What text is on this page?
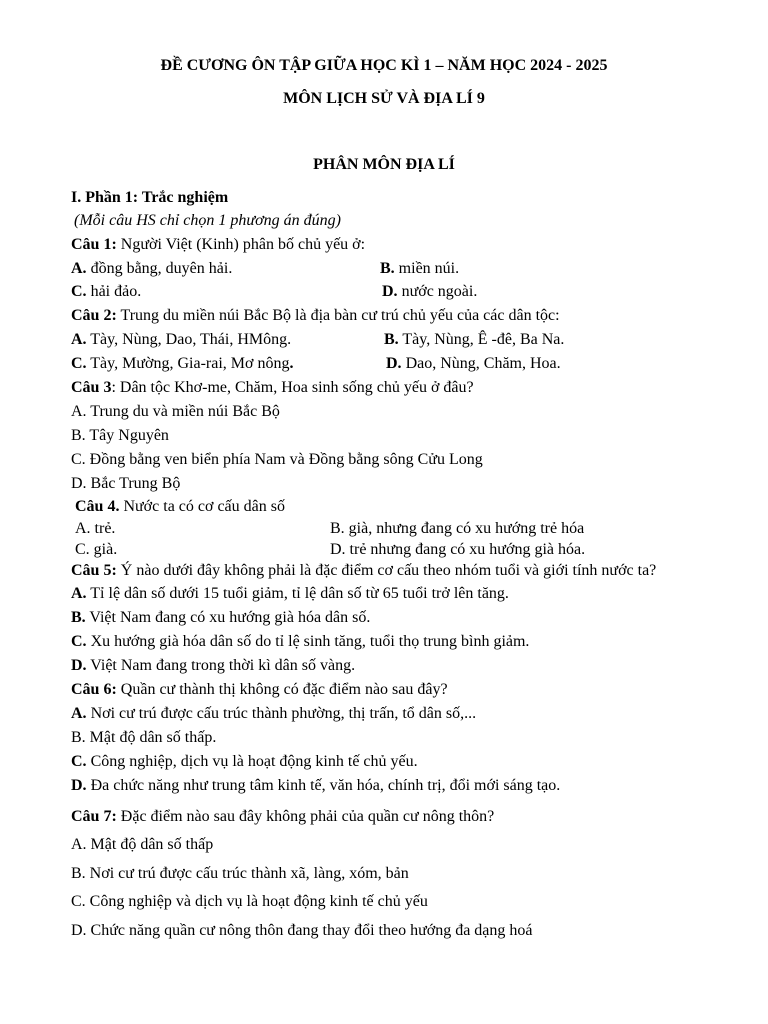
ĐỀ CƯƠNG ÔN TẬP GIỮA HỌC KÌ 1 – NĂM HỌC 2024 - 2025
MÔN LỊCH SỬ VÀ ĐỊA LÍ 9
PHÂN MÔN ĐỊA LÍ
I. Phần 1: Trắc nghiệm
(Mỗi câu HS chỉ chọn 1 phương án đúng)
Câu 1: Người Việt (Kinh) phân bố chủ yếu ở:
A. đồng bằng, duyên hải.	B. miền núi.
C. hải đảo.	D. nước ngoài.
Câu 2: Trung du miền núi Bắc Bộ là địa bàn cư trú chủ yếu của các dân tộc:
A. Tày, Nùng, Dao, Thái, HMông.	B. Tày, Nùng, Ê -đê, Ba Na.
C. Tày, Mường, Gia-rai, Mơ nông.	D. Dao, Nùng, Chăm, Hoa.
Câu 3: Dân tộc Khơ-me, Chăm, Hoa sinh sống chủ yếu ở đâu?
A. Trung du và miền núi Bắc Bộ
B. Tây Nguyên
C. Đồng bằng ven biển phía Nam và Đồng bằng sông Cửu Long
D. Bắc Trung Bộ
Câu 4. Nước ta có cơ cấu dân số
A. trẻ.	B. già, nhưng đang có xu hướng trẻ hóa
C. già.	D. trẻ nhưng đang có xu hướng già hóa.
Câu 5: Ý nào dưới đây không phải là đặc điểm cơ cấu theo nhóm tuổi và giới tính nước ta?
A. Tỉ lệ dân số dưới 15 tuổi giảm, tỉ lệ dân số từ 65 tuổi trở lên tăng.
B. Việt Nam đang có xu hướng già hóa dân số.
C. Xu hướng già hóa dân số do tỉ lệ sinh tăng, tuổi thọ trung bình giảm.
D. Việt Nam đang trong thời kì dân số vàng.
Câu 6: Quần cư thành thị không có đặc điểm nào sau đây?
A. Nơi cư trú được cấu trúc thành phường, thị trấn, tổ dân số,...
B. Mật độ dân số thấp.
C. Công nghiệp, dịch vụ là hoạt động kinh tế chủ yếu.
D. Đa chức năng như trung tâm kinh tế, văn hóa, chính trị, đổi mới sáng tạo.
Câu 7: Đặc điểm nào sau đây không phải của quần cư nông thôn?
A. Mật độ dân số thấp
B. Nơi cư trú được cấu trúc thành xã, làng, xóm, bản
C. Công nghiệp và dịch vụ là hoạt động kinh tế chủ yếu
D. Chức năng quần cư nông thôn đang thay đổi theo hướng đa dạng hoá
